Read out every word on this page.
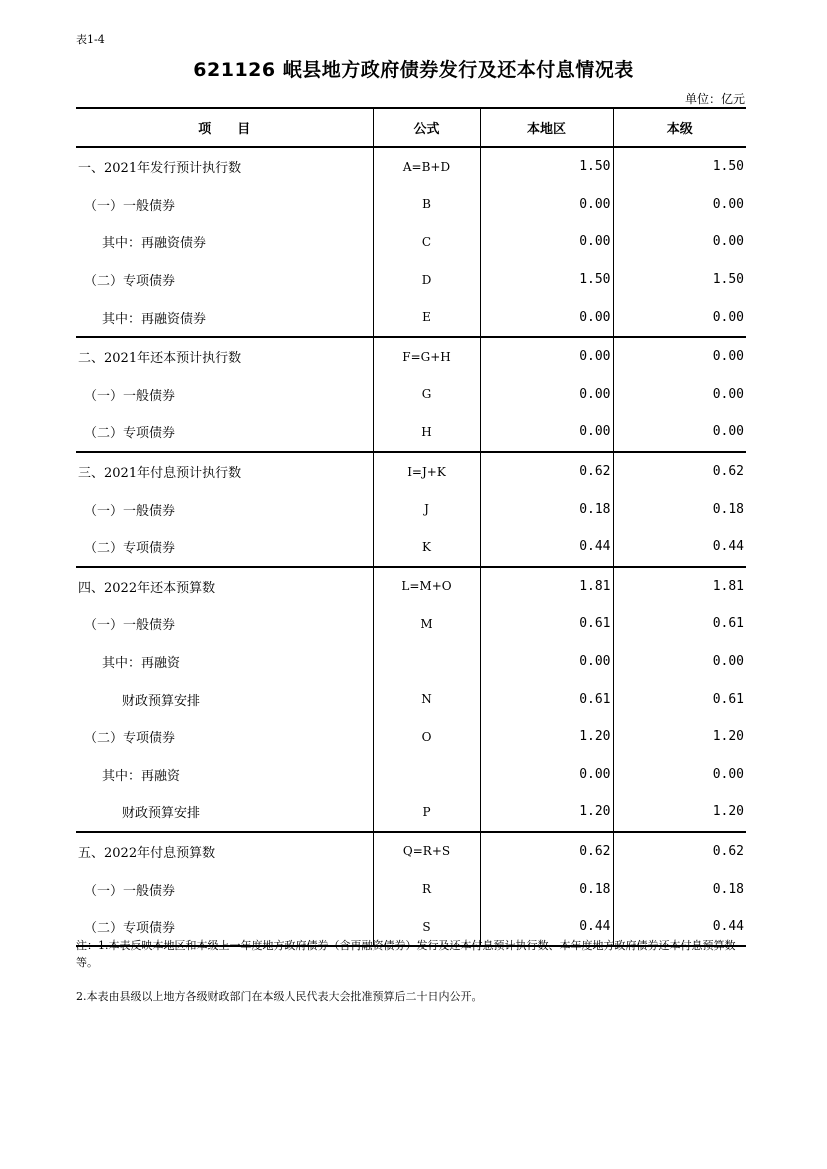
表1-4
621126 岷县地方政府债券发行及还本付息情况表
单位：亿元
项　　目	公式	本地区	本级
一、2021年发行预计执行数	A=B+D	1.50	1.50
（一）一般债券	B	0.00	0.00
其中：再融资债券	C	0.00	0.00
（二）专项债券	D	1.50	1.50
其中：再融资债券	E	0.00	0.00
二、2021年还本预计执行数	F=G+H	0.00	0.00
（一）一般债券	G	0.00	0.00
（二）专项债券	H	0.00	0.00
三、2021年付息预计执行数	I=J+K	0.62	0.62
（一）一般债券	J	0.18	0.18
（二）专项债券	K	0.44	0.44
四、2022年还本预算数	L=M+O	1.81	1.81
（一）一般债券	M	0.61	0.61
其中：再融资		0.00	0.00
财政预算安排	N	0.61	0.61
（二）专项债券	O	1.20	1.20
其中：再融资		0.00	0.00
财政预算安排	P	1.20	1.20
五、2022年付息预算数	Q=R+S	0.62	0.62
（一）一般债券	R	0.18	0.18
（二）专项债券	S	0.44	0.44

注：1.本表反映本地区和本级上一年度地方政府债券（含再融资债券）发行及还本付息预计执行数、本年度地方政府债券还本付息预算数等。

2.本表由县级以上地方各级财政部门在本级人民代表大会批准预算后二十日内公开。
